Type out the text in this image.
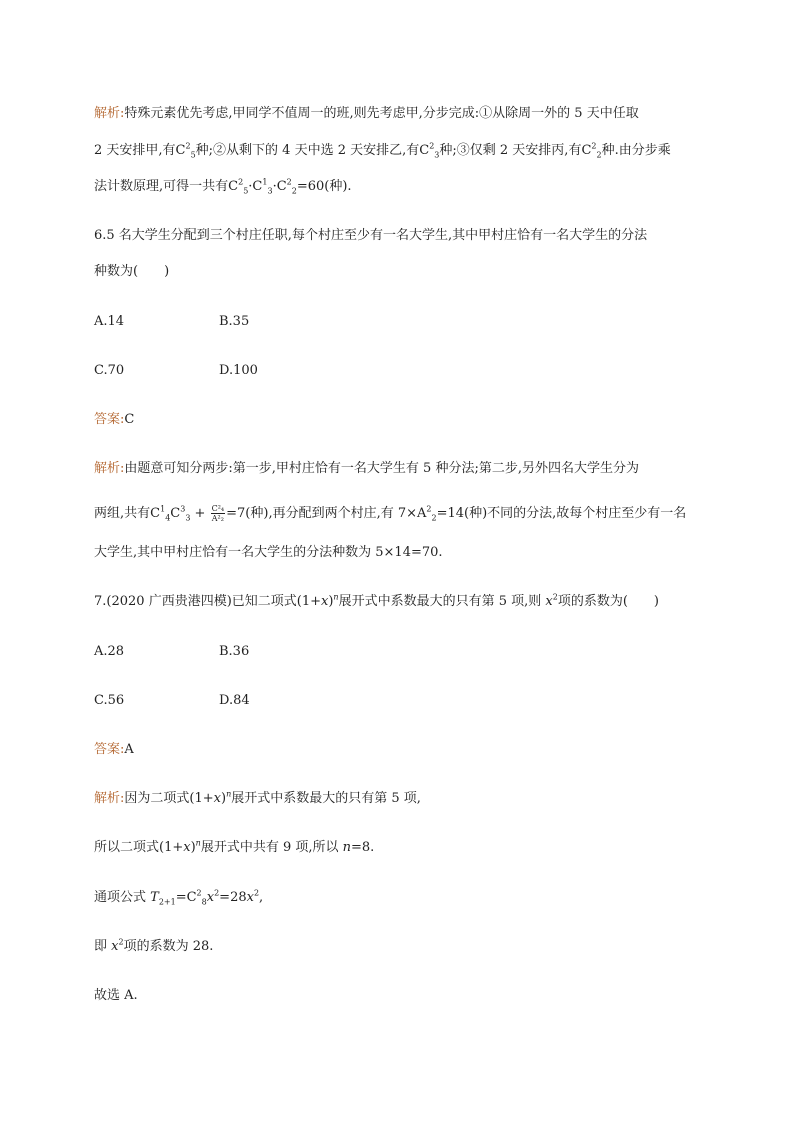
解析:特殊元素优先考虑,甲同学不值周一的班,则先考虑甲,分步完成:①从除周一外的 5 天中任取
2 天安排甲,有$C^2_5$种;②从剩下的 4 天中选 2 天安排乙,有$C^2_3$种;③仅剩 2 天安排丙,有$C^2_2$种.由分步乘
法计数原理,可得一共有$C^2_5\cdot C^1_3\cdot C^2_2=60$(种).
6.5 名大学生分配到三个村庄任职,每个村庄至少有一名大学生,其中甲村庄恰有一名大学生的分法
种数为(　　)
A.14	B.35
C.70	D.100
答案:C
解析:由题意可知分两步:第一步,甲村庄恰有一名大学生有 5 种分法;第二步,另外四名大学生分为
两组,共有$C^1_4C^3_3 + \frac{\text{C²₄}}{\text{A²₂}} =7$(种),再分配到两个村庄,有 $7\times A^2_2=14$(种)不同的分法,故每个村庄至少有一名
大学生,其中甲村庄恰有一名大学生的分法种数为 5×14=70.
7.(2020 广西贵港四模)已知二项式$(1+x)^n$展开式中系数最大的只有第 5 项,则 $x^2$项的系数为(　　)
A.28	B.36
C.56	D.84
答案:A
解析:因为二项式$(1+x)^n$展开式中系数最大的只有第 5 项,
所以二项式$(1+x)^n$展开式中共有 9 项,所以 n=8.
通项公式 $T_{2+1}=C^2_8x^2=28x^2$,
即 $x^2$项的系数为 28.
故选 A.
